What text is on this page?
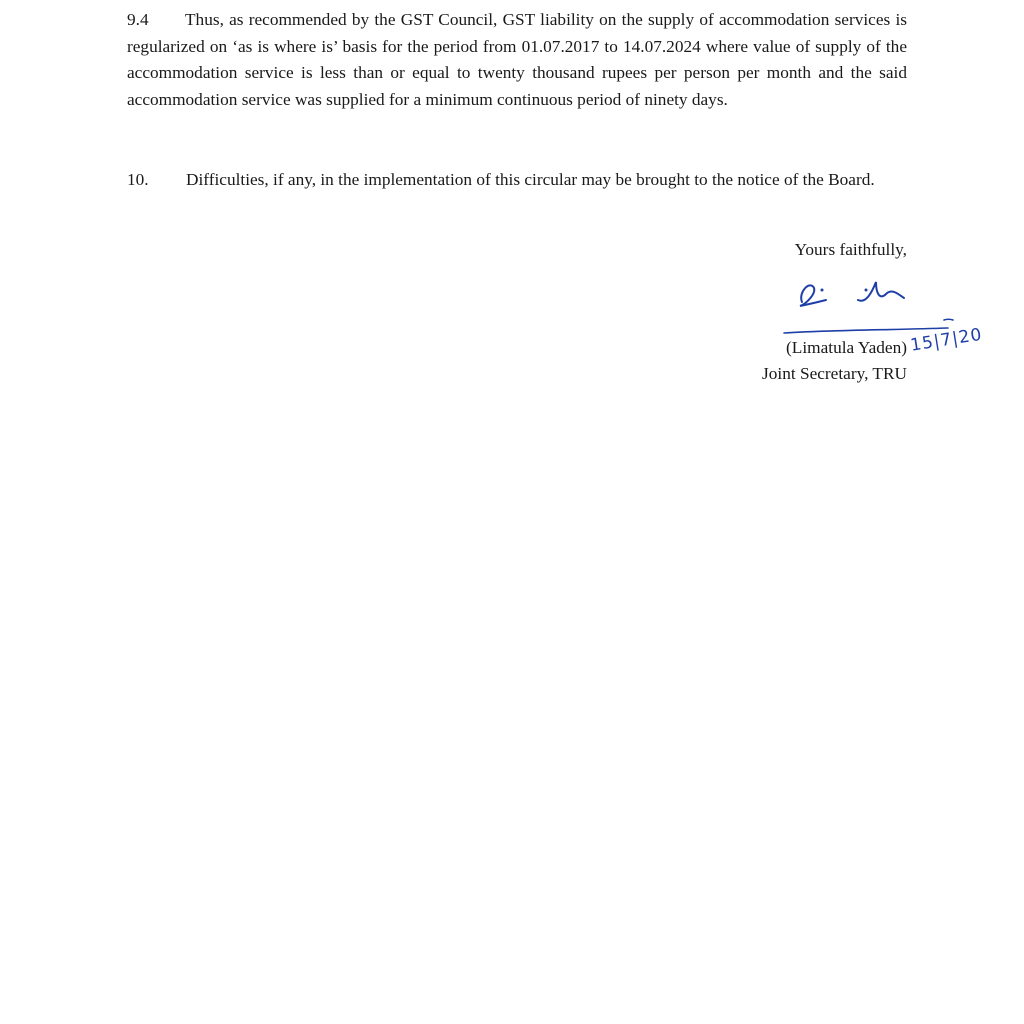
9.4 Thus, as recommended by the GST Council, GST liability on the supply of accommodation services is regularized on ‘as is where is’ basis for the period from 01.07.2017 to 14.07.2024 where value of supply of the accommodation service is less than or equal to twenty thousand rupees per person per month and the said accommodation service was supplied for a minimum continuous period of ninety days.

10. Difficulties, if any, in the implementation of this circular may be brought to the notice of the Board.

Yours faithfully,
(Limatula Yaden)
Joint Secretary, TRU
15|7|20
